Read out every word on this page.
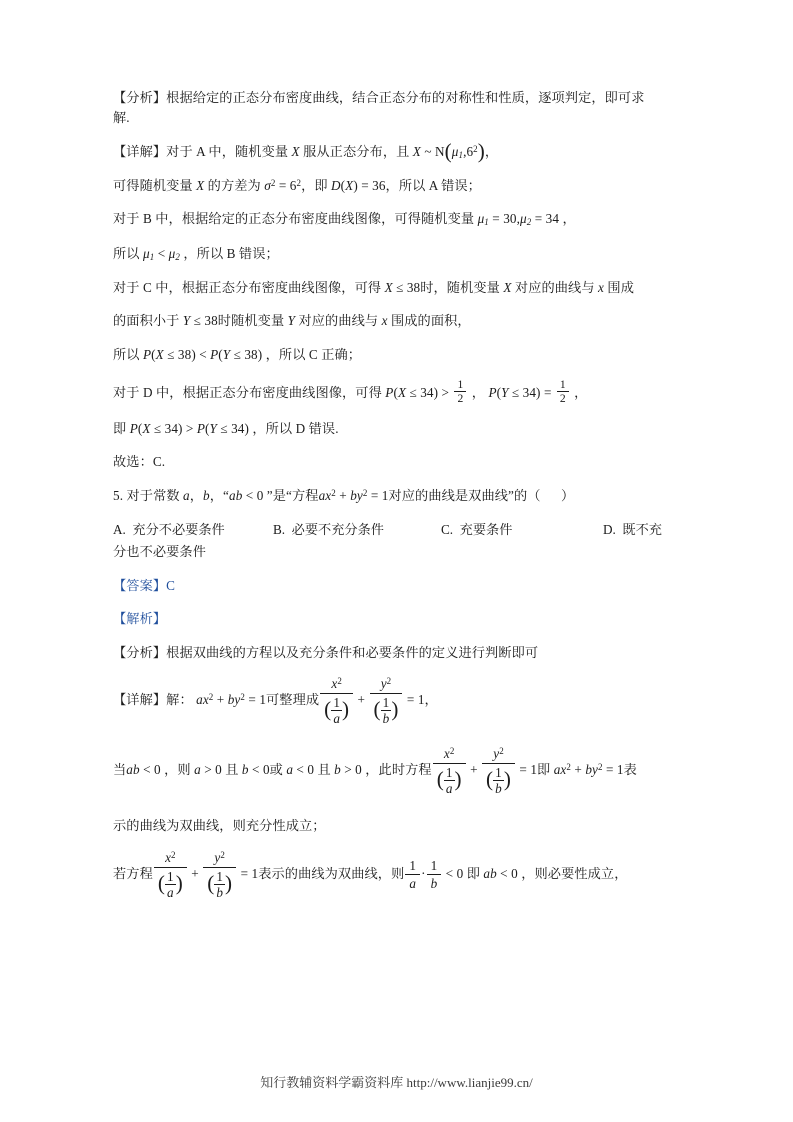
【分析】根据给定的正态分布密度曲线，结合正态分布的对称性和性质，逐项判定，即可求
解.

【详解】对于 A 中，随机变量 X 服从正态分布，且 X ~ $N(\mu_1,6^2)$，

可得随机变量 X 的方差为 $\sigma^2 = 6^2$，即 D(X) = 36，所以 A 错误；

对于 B 中，根据给定的正态分布密度曲线图像，可得随机变量 $\mu_1 = 30,\mu_2 = 34$ ，

所以 $\mu_1 < \mu_2$ ，所以 B 错误；

对于 C 中，根据正态分布密度曲线图像，可得 X ≤ 38时，随机变量 X 对应的曲线与 x 围成

的面积小于 Y ≤ 38时随机变量 Y 对应的曲线与 x 围成的面积，

所以 P(X ≤ 38) < P(Y ≤ 38) ，所以 C 正确；

对于 D 中，根据正态分布密度曲线图像，可得 $P(X \le 34) > \frac{1}{2}$ ， $P(Y \le 34) = \frac{1}{2}$ ，

即 P(X ≤ 34) > P(Y ≤ 34) ，所以 D 错误.

故选：C.

5. 对于常数 a，b，“ab < 0 ”是“方程$ax^2 + by^2 = 1$对应的曲线是双曲线”的（      ）

A.  充分不必要条件	B.  必要不充分条件	C.  充要条件	D.  既不充

分也不必要条件

【答案】C

【解析】

【分析】根据双曲线的方程以及充分条件和必要条件的定义进行判断即可

【详解】解： $ax^2 + by^2 = 1$可整理成 $\frac{x^2}{( \frac{1}{a} )} + \frac{y^2}{( \frac{1}{b} )} = 1$，

当ab < 0 ，则 a > 0 且 b < 0或 a < 0 且 b > 0 ，此时方程 $\frac{x^2}{( \frac{1}{a} )} + \frac{y^2}{( \frac{1}{b} )} = 1$即 $ax^2 + by^2 = 1$表

示的曲线为双曲线，则充分性成立；

若方程 $\frac{x^2}{( \frac{1}{a} )} + \frac{y^2}{( \frac{1}{b} )} = 1$表示的曲线为双曲线，则 $\frac{1}{a} \cdot \frac{1}{b} < 0$ 即 ab < 0 ，则必要性成立，

知行教辅资料学霸资料库 http://www.lianjie99.cn/
